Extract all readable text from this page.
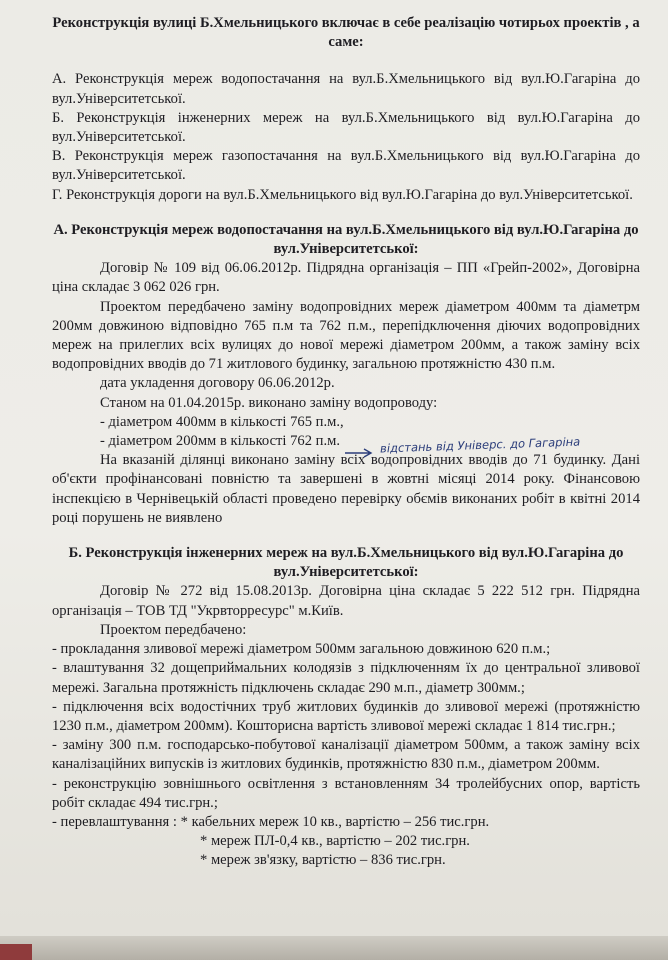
Реконструкція вулиці Б.Хмельницького включає в себе реалізацію чотирьох проектів , а саме:

А. Реконструкція мереж водопостачання на вул.Б.Хмельницького від вул.Ю.Гагаріна до вул.Університетської.

Б. Реконструкція інженерних мереж на вул.Б.Хмельницького від вул.Ю.Гагаріна до вул.Університетської.

В. Реконструкція мереж газопостачання на вул.Б.Хмельницького від вул.Ю.Гагаріна до вул.Університетської.

Г. Реконструкція дороги на вул.Б.Хмельницького від вул.Ю.Гагаріна до вул.Університетської.

А. Реконструкція мереж водопостачання на вул.Б.Хмельницького від вул.Ю.Гагаріна до вул.Університетської:

Договір № 109 від 06.06.2012р. Підрядна організація – ПП «Грейп-2002», Договірна ціна складає 3 062 026 грн.

Проектом передбачено заміну водопровідних мереж діаметром 400мм та діаметрм 200мм довжиною відповідно 765 п.м та 762 п.м., перепідключення діючих водопровідних мереж на прилеглих всіх вулицях до нової мережі діаметром 200мм, а також заміну всіх водопровідних вводів до 71 житлового будинку, загальною протяжністю 430 п.м.

дата укладення договору 06.06.2012р.

Станом на 01.04.2015р. виконано заміну водопроводу:

- діаметром 400мм в кількості 765 п.м.,

- діаметром 200мм в кількості 762 п.м.

На вказаній ділянці виконано заміну всіх водопровідних вводів до 71 будинку. Дані об'єкти профінансовані повністю та завершені в жовтні місяці 2014 року. Фінансовою інспекцією в Чернівецькій області проведено перевірку обємів виконаних робіт в квітні 2014 році порушень не виявлено

Б. Реконструкція інженерних мереж на вул.Б.Хмельницького від вул.Ю.Гагаріна до вул.Університетської:

Договір № 272 від 15.08.2013р. Договірна ціна складає 5 222 512 грн. Підрядна організація – ТОВ ТД "Укрвторресурс" м.Київ.

Проектом передбачено:

- прокладання зливової мережі діаметром 500мм загальною довжиною 620 п.м.;

- влаштування 32 дощеприймальних колодязів з підключенням їх до центральної зливової мережі. Загальна протяжність підключень складає 290 м.п., діаметр 300мм.;

- підключення всіх водостічних труб житлових будинків до зливової мережі (протяжністю 1230 п.м., діаметром 200мм). Кошторисна вартість зливової мережі складає 1 814 тис.грн.;

- заміну 300 п.м. господарсько-побутової каналізації діаметром 500мм, а також заміну всіх каналізаційних випусків із житлових будинків, протяжністю 830 п.м., діаметром 200мм.

- реконструкцію зовнішнього освітлення з встановленням 34 тролейбусних опор, вартість робіт складає 494 тис.грн.;

- перевлаштування : * кабельних мереж 10 кв., вартістю – 256 тис.грн.

* мереж ПЛ-0,4 кв., вартістю – 202 тис.грн.

* мереж зв'язку, вартістю – 836 тис.грн.

відстань від Універс. до Гагаріна
